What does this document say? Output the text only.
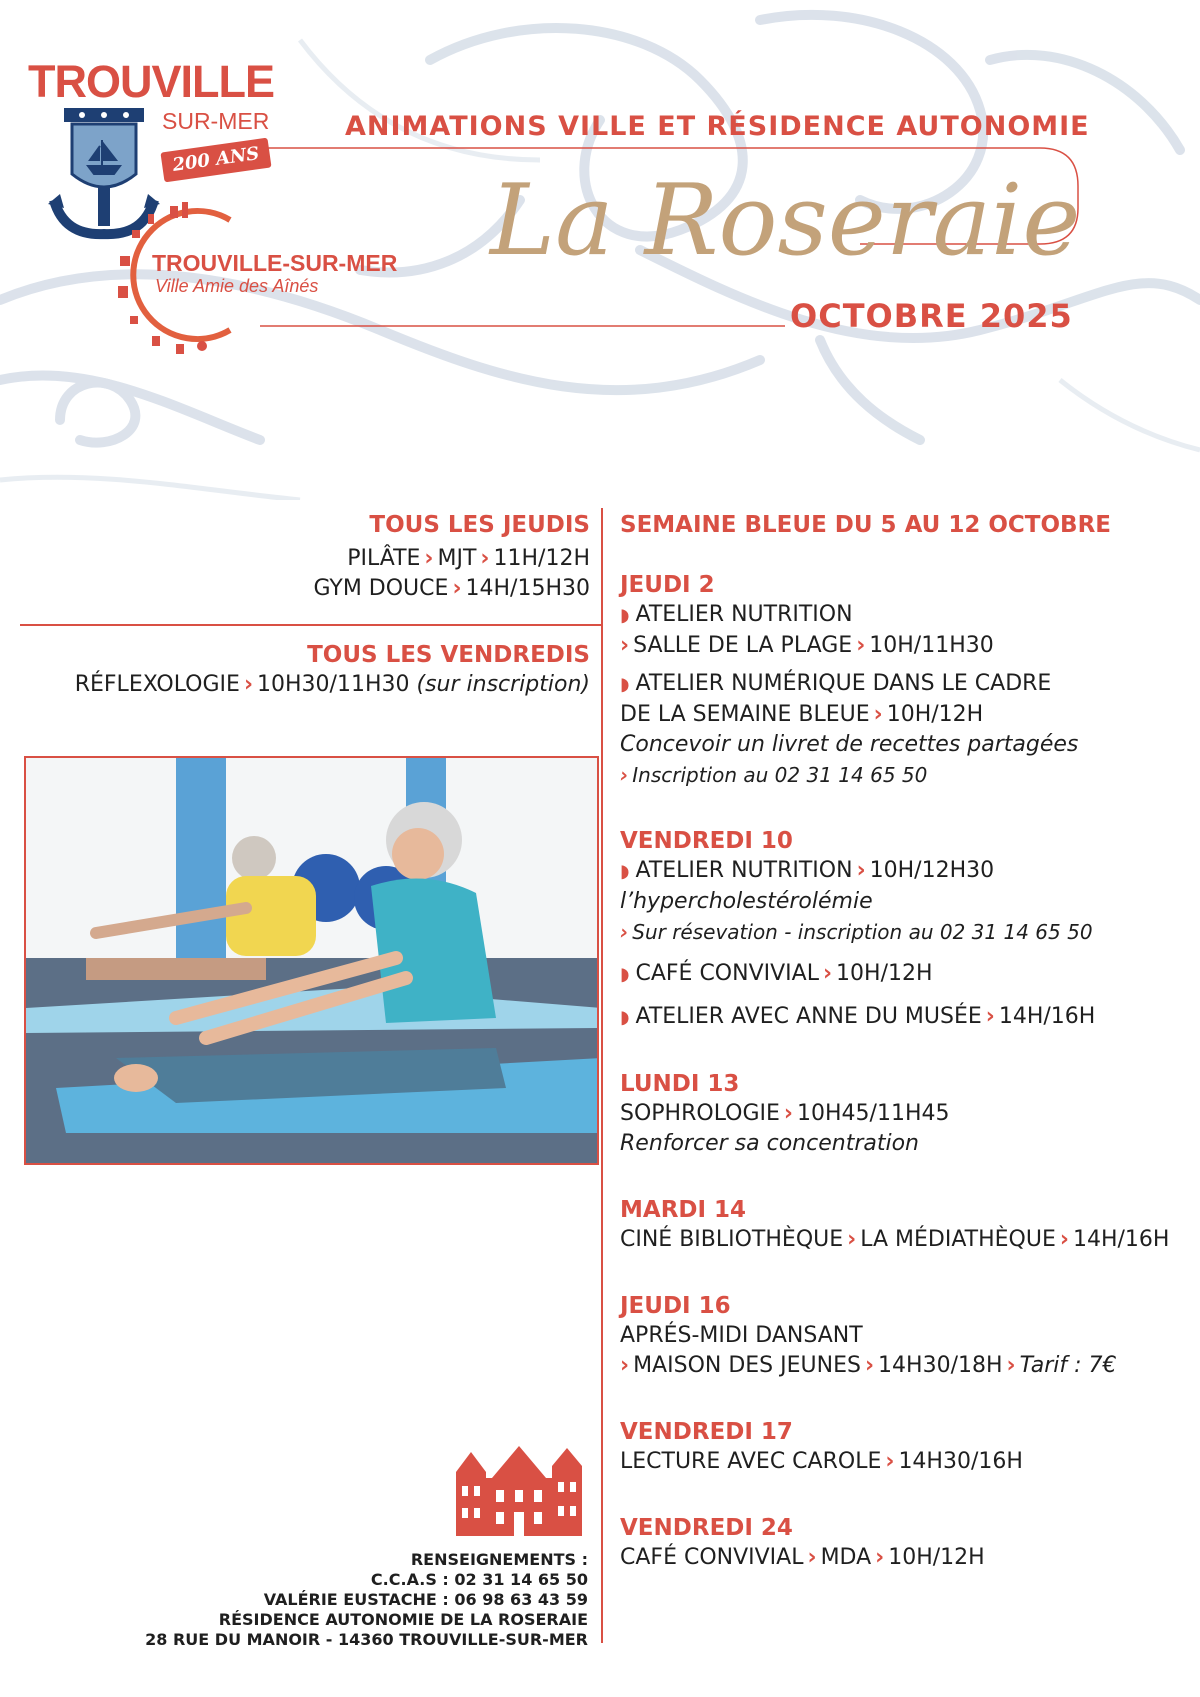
TROUVILLE
SUR-MER
200 ANS
TROUVILLE-SUR-MER
Ville Amie des Aînés
ANIMATIONS VILLE ET RÉSIDENCE AUTONOMIE
La Roseraie
OCTOBRE 2025
TOUS LES JEUDIS
PILÂTE › MJT › 11H/12H
GYM DOUCE › 14H/15H30
TOUS LES VENDREDIS
RÉFLEXOLOGIE › 10H30/11H30 (sur inscription)
RENSEIGNEMENTS :
C.C.A.S : 02 31 14 65 50
VALÉRIE EUSTACHE : 06 98 63 43 59
RÉSIDENCE AUTONOMIE DE LA ROSERAIE
28 RUE DU MANOIR - 14360 TROUVILLE-SUR-MER
SEMAINE BLEUE DU 5 AU 12 OCTOBRE
JEUDI 2
◗ ATELIER NUTRITION
› SALLE DE LA PLAGE › 10H/11H30
◗ ATELIER NUMÉRIQUE DANS LE CADRE
DE LA SEMAINE BLEUE › 10H/12H
Concevoir un livret de recettes partagées
› Inscription au 02 31 14 65 50
VENDREDI 10
◗ ATELIER NUTRITION › 10H/12H30
l’hypercholestérolémie
› Sur résevation - inscription au 02 31 14 65 50
◗ CAFÉ CONVIVIAL › 10H/12H
◗ ATELIER AVEC ANNE DU MUSÉE › 14H/16H
LUNDI 13
SOPHROLOGIE › 10H45/11H45
Renforcer sa concentration
MARDI 14
CINÉ BIBLIOTHÈQUE › LA MÉDIATHÈQUE › 14H/16H
JEUDI 16
APRÉS-MIDI DANSANT
› MAISON DES JEUNES › 14H30/18H › Tarif : 7€
VENDREDI 17
LECTURE AVEC CAROLE › 14H30/16H
VENDREDI 24
CAFÉ CONVIVIAL › MDA › 10H/12H
